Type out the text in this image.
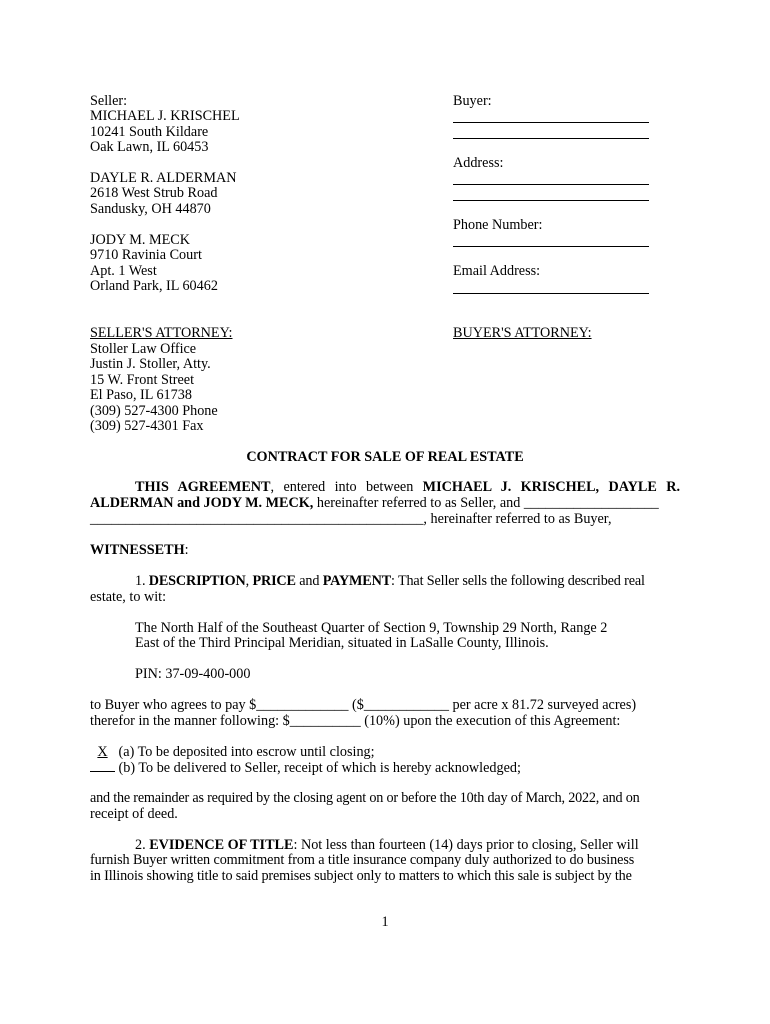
Seller:
MICHAEL J. KRISCHEL
10241 South Kildare
Oak Lawn, IL 60453
DAYLE R. ALDERMAN
2618 West Strub Road
Sandusky, OH 44870
JODY M. MECK
9710 Ravinia Court
Apt. 1 West
Orland Park, IL 60462
Buyer:
Address:
Phone Number:
Email Address:
SELLER'S ATTORNEY:
Stoller Law Office
Justin J. Stoller, Atty.
15 W. Front Street
El Paso, IL 61738
(309) 527-4300 Phone
(309) 527-4301 Fax
BUYER'S ATTORNEY:
CONTRACT FOR SALE OF REAL ESTATE
THIS AGREEMENT, entered into between MICHAEL J. KRISCHEL, DAYLE R. ALDERMAN and JODY M. MECK, hereinafter referred to as Seller, and ___________________
_______________________________________________, hereinafter referred to as Buyer,
WITNESSETH:
1. DESCRIPTION, PRICE and PAYMENT: That Seller sells the following described real
estate, to wit:
The North Half of the Southeast Quarter of Section 9, Township 29 North, Range 2
East of the Third Principal Meridian, situated in LaSalle County, Illinois.
PIN: 37-09-400-000
to Buyer who agrees to pay $_____________ ($____________ per acre x 81.72 surveyed acres)
therefor in the manner following: $__________ (10%) upon the execution of this Agreement:
X (a) To be deposited into escrow until closing;
(b) To be delivered to Seller, receipt of which is hereby acknowledged;
and the remainder as required by the closing agent on or before the 10th day of March, 2022, and on
receipt of deed.
2. EVIDENCE OF TITLE: Not less than fourteen (14) days prior to closing, Seller will
furnish Buyer written commitment from a title insurance company duly authorized to do business
in Illinois showing title to said premises subject only to matters to which this sale is subject by the
1
